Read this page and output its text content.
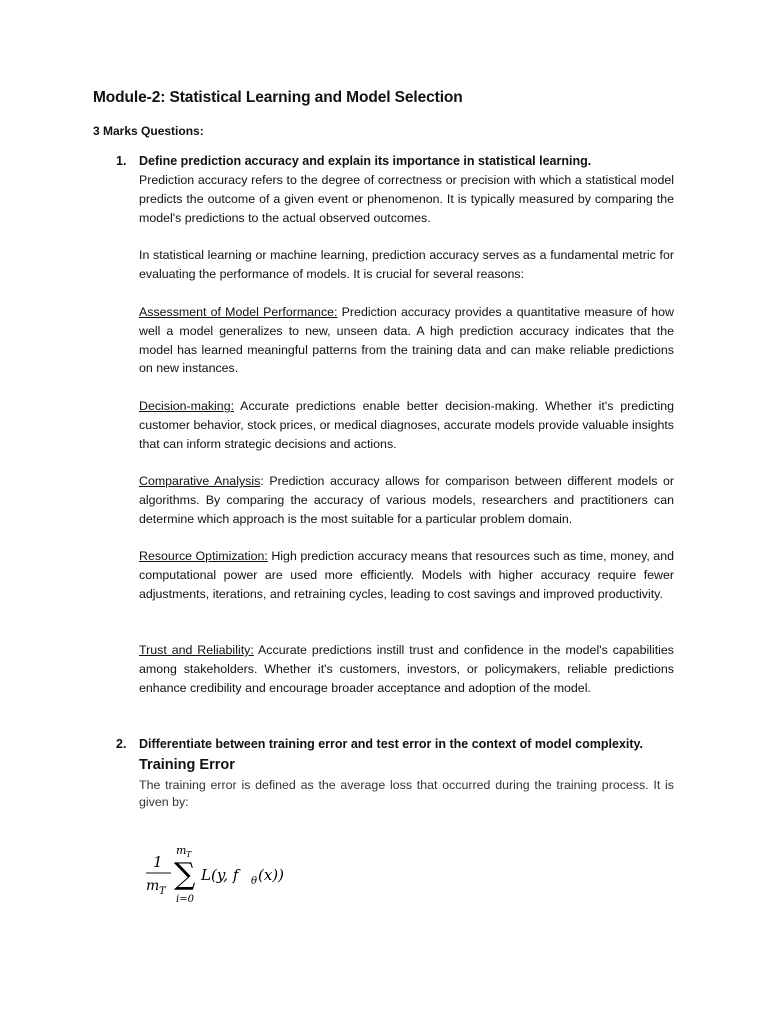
Module-2: Statistical Learning and Model Selection
3 Marks Questions:
1. Define prediction accuracy and explain its importance in statistical learning.
Prediction accuracy refers to the degree of correctness or precision with which a statistical model predicts the outcome of a given event or phenomenon. It is typically measured by comparing the model's predictions to the actual observed outcomes.
In statistical learning or machine learning, prediction accuracy serves as a fundamental metric for evaluating the performance of models. It is crucial for several reasons:
Assessment of Model Performance: Prediction accuracy provides a quantitative measure of how well a model generalizes to new, unseen data. A high prediction accuracy indicates that the model has learned meaningful patterns from the training data and can make reliable predictions on new instances.
Decision-making: Accurate predictions enable better decision-making. Whether it's predicting customer behavior, stock prices, or medical diagnoses, accurate models provide valuable insights that can inform strategic decisions and actions.
Comparative Analysis: Prediction accuracy allows for comparison between different models or algorithms. By comparing the accuracy of various models, researchers and practitioners can determine which approach is the most suitable for a particular problem domain.
Resource Optimization: High prediction accuracy means that resources such as time, money, and computational power are used more efficiently. Models with higher accuracy require fewer adjustments, iterations, and retraining cycles, leading to cost savings and improved productivity.
Trust and Reliability: Accurate predictions instill trust and confidence in the model's capabilities among stakeholders. Whether it's customers, investors, or policymakers, reliable predictions enhance credibility and encourage broader acceptance and adoption of the model.
2. Differentiate between training error and test error in the context of model complexity.
Training Error
The training error is defined as the average loss that occurred during the training process. It is given by:
1
m T
m T
∑
i=0
L(y, f θ (x))
